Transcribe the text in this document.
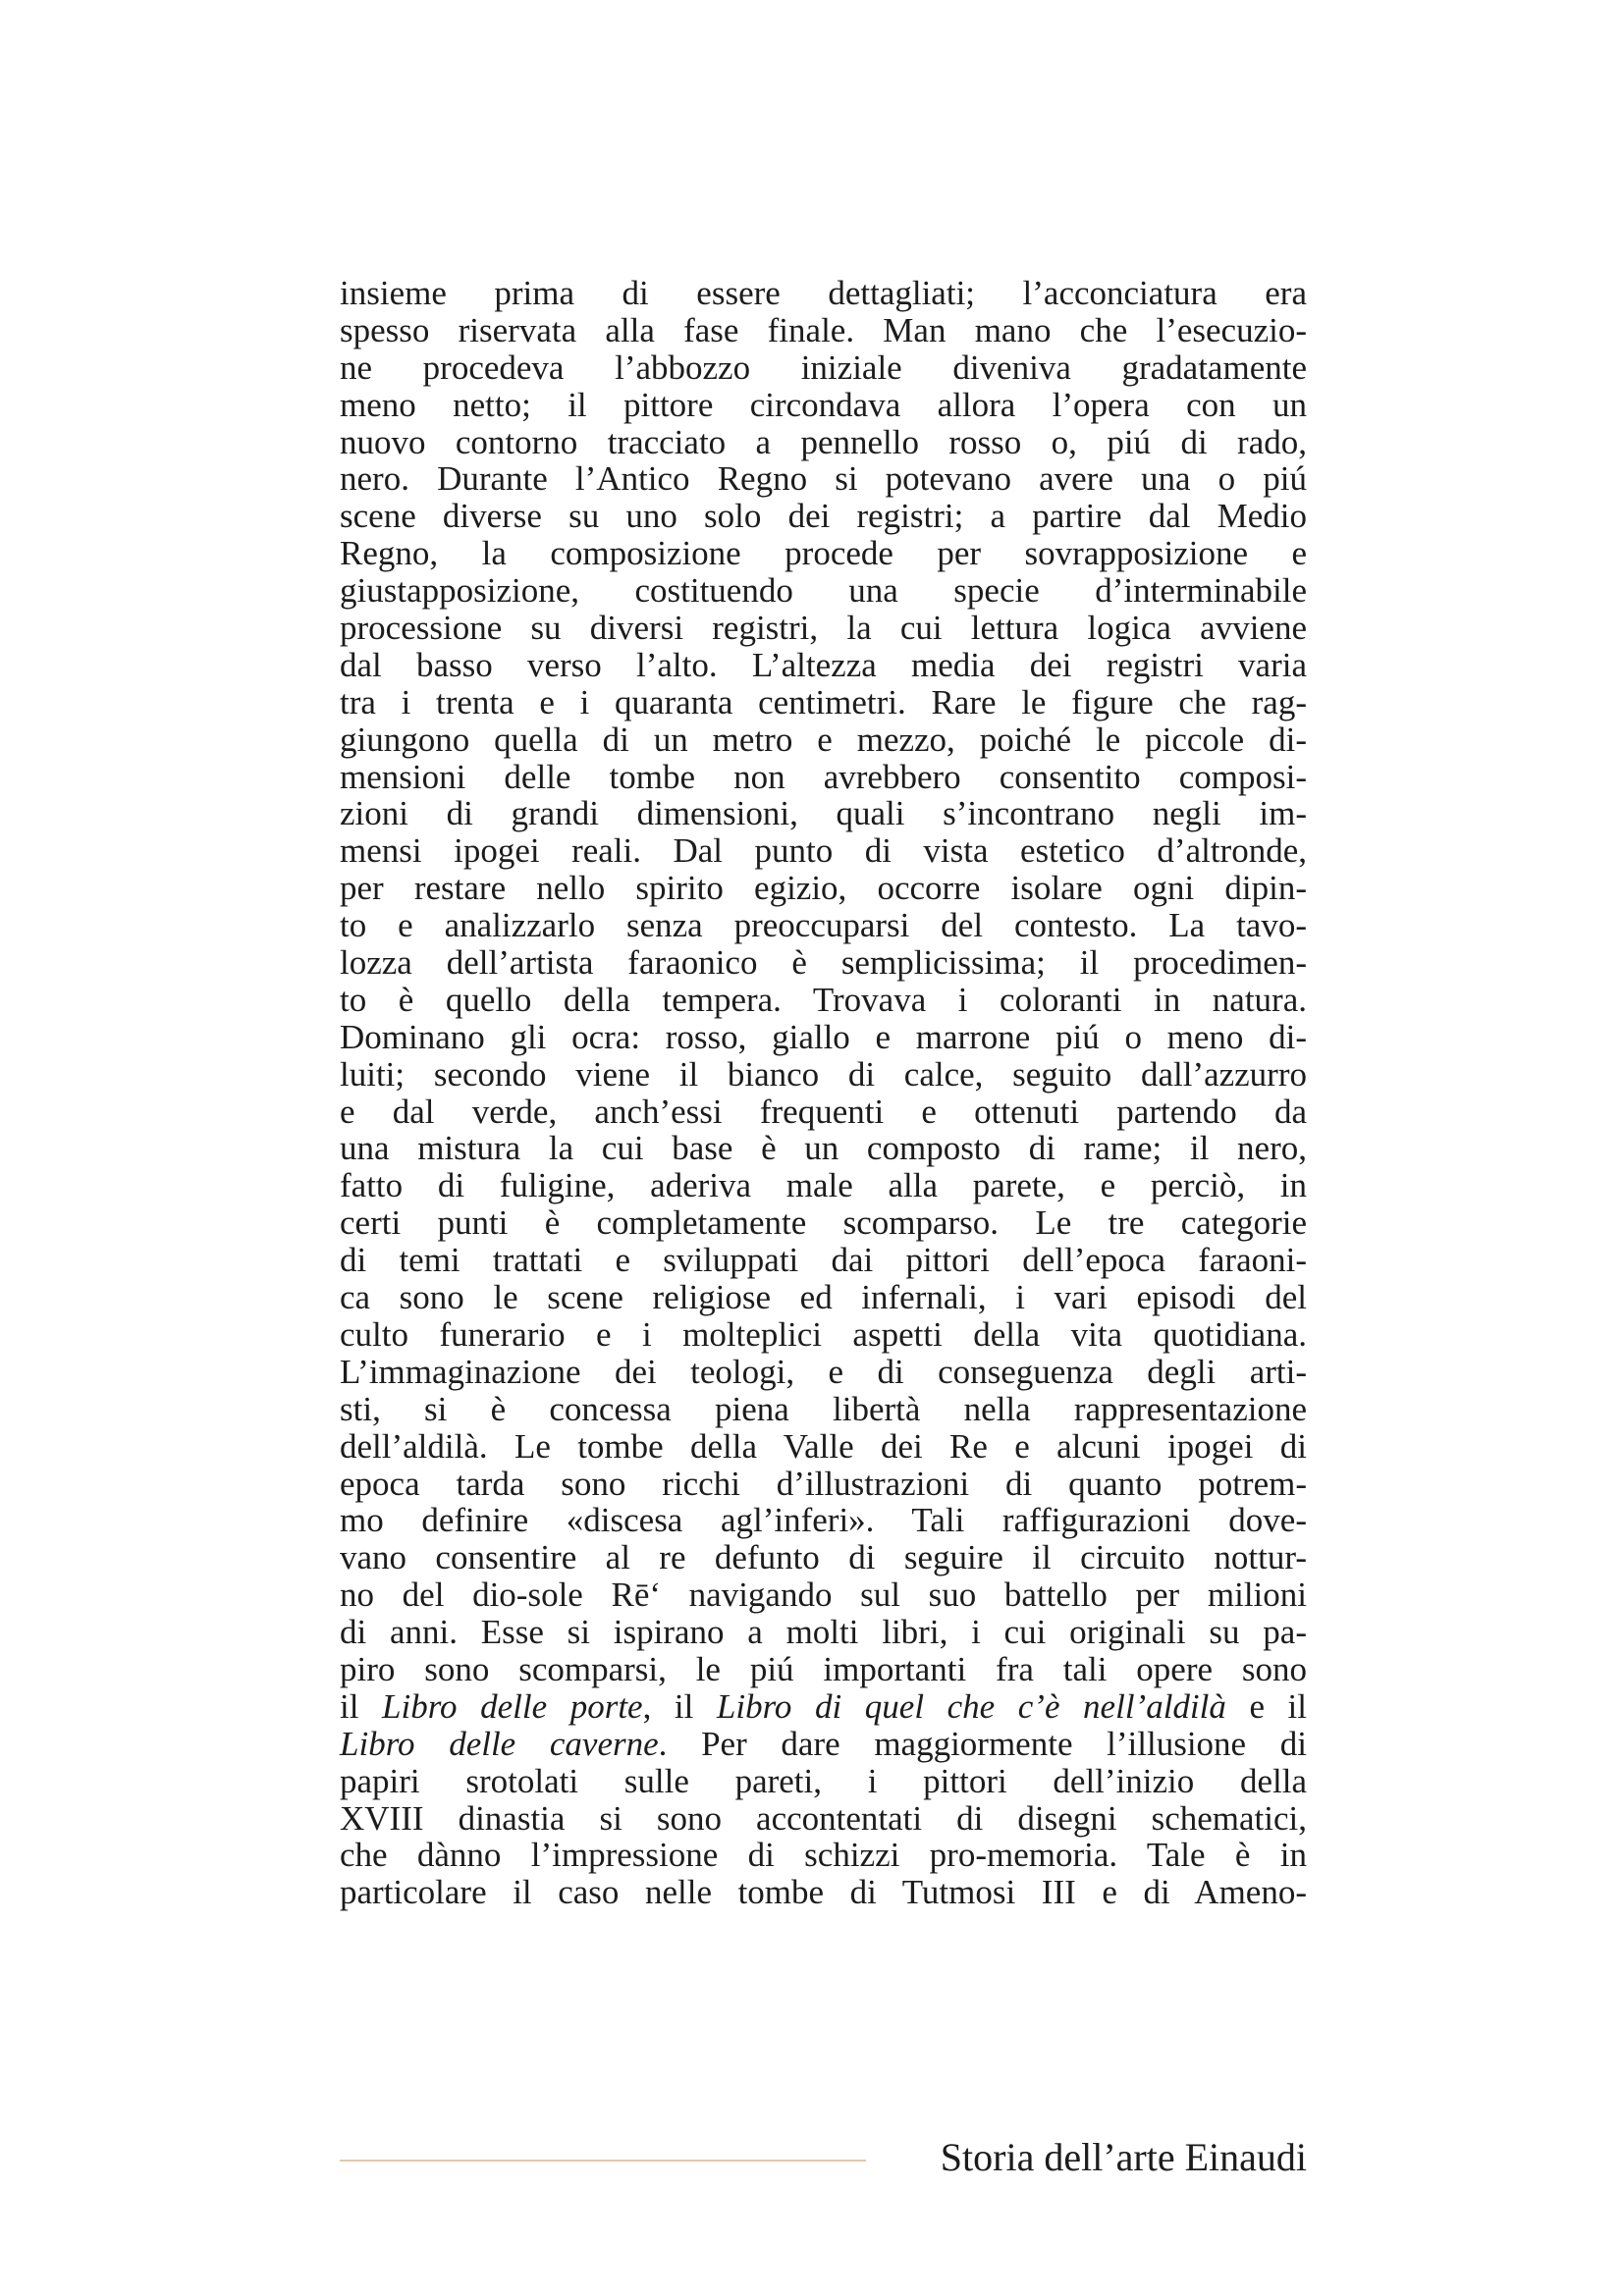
insieme prima di essere dettagliati; l’acconciatura era
spesso riservata alla fase finale. Man mano che l’esecuzio-
ne procedeva l’abbozzo iniziale diveniva gradatamente
meno netto; il pittore circondava allora l’opera con un
nuovo contorno tracciato a pennello rosso o, piú di rado,
nero. Durante l’Antico Regno si potevano avere una o piú
scene diverse su uno solo dei registri; a partire dal Medio
Regno, la composizione procede per sovrapposizione e
giustapposizione, costituendo una specie d’interminabile
processione su diversi registri, la cui lettura logica avviene
dal basso verso l’alto. L’altezza media dei registri varia
tra i trenta e i quaranta centimetri. Rare le figure che rag-
giungono quella di un metro e mezzo, poiché le piccole di-
mensioni delle tombe non avrebbero consentito composi-
zioni di grandi dimensioni, quali s’incontrano negli im-
mensi ipogei reali. Dal punto di vista estetico d’altronde,
per restare nello spirito egizio, occorre isolare ogni dipin-
to e analizzarlo senza preoccuparsi del contesto. La tavo-
lozza dell’artista faraonico è semplicissima; il procedimen-
to è quello della tempera. Trovava i coloranti in natura.
Dominano gli ocra: rosso, giallo e marrone piú o meno di-
luiti; secondo viene il bianco di calce, seguito dall’azzurro
e dal verde, anch’essi frequenti e ottenuti partendo da
una mistura la cui base è un composto di rame; il nero,
fatto di fuligine, aderiva male alla parete, e perciò, in
certi punti è completamente scomparso. Le tre categorie
di temi trattati e sviluppati dai pittori dell’epoca faraoni-
ca sono le scene religiose ed infernali, i vari episodi del
culto funerario e i molteplici aspetti della vita quotidiana.
L’immaginazione dei teologi, e di conseguenza degli arti-
sti, si è concessa piena libertà nella rappresentazione
dell’aldilà. Le tombe della Valle dei Re e alcuni ipogei di
epoca tarda sono ricchi d’illustrazioni di quanto potrem-
mo definire «discesa agl’inferi». Tali raffigurazioni dove-
vano consentire al re defunto di seguire il circuito nottur-
no del dio-sole Rē‘ navigando sul suo battello per milioni
di anni. Esse si ispirano a molti libri, i cui originali su pa-
piro sono scomparsi, le piú importanti fra tali opere sono
il Libro delle porte, il Libro di quel che c’è nell’aldilà e il
Libro delle caverne. Per dare maggiormente l’illusione di
papiri srotolati sulle pareti, i pittori dell’inizio della
XVIII dinastia si sono accontentati di disegni schematici,
che dànno l’impressione di schizzi pro-memoria. Tale è in
particolare il caso nelle tombe di Tutmosi III e di Ameno-
Storia dell’arte Einaudi
